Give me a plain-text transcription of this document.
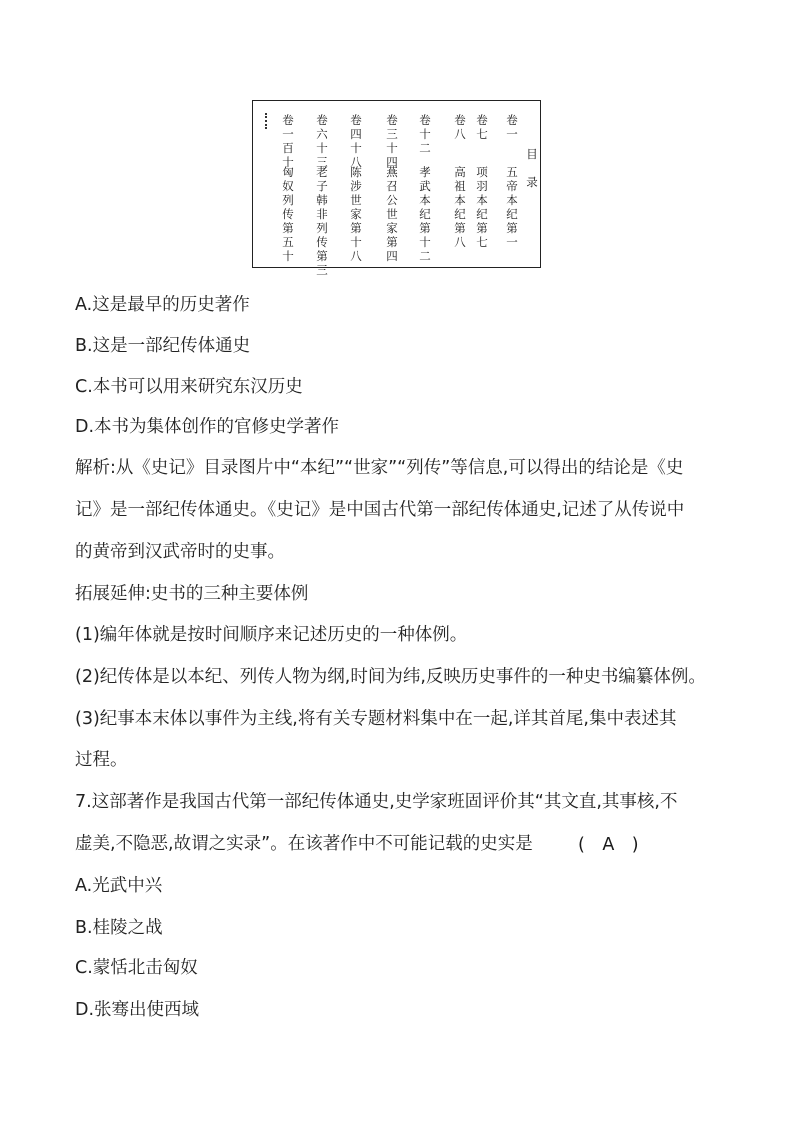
目

录
卷
一
五
帝
本
纪
第
一
卷
七
项
羽
本
纪
第
七
卷
八
高
祖
本
纪
第
八
卷
十
二
孝
武
本
纪
第
十
二
卷
三
十
四
燕
召
公
世
家
第
四
卷
四
十
八
陈
涉
世
家
第
十
八
卷
六
十
三
老
子
韩
非
列
传
第
三
卷
一
百
十
匈
奴
列
传
第
五
十
A.这是最早的历史著作
B.这是一部纪传体通史
C.本书可以用来研究东汉历史
D.本书为集体创作的官修史学著作
解析:从《史记》目录图片中“本纪”“世家”“列传”等信息,可以得出的结论是《史
记》是一部纪传体通史。《史记》是中国古代第一部纪传体通史,记述了从传说中
的黄帝到汉武帝时的史事。
拓展延伸:史书的三种主要体例
(1)编年体就是按时间顺序来记述历史的一种体例。
(2)纪传体是以本纪、列传人物为纲,时间为纬,反映历史事件的一种史书编纂体例。
(3)纪事本末体以事件为主线,将有关专题材料集中在一起,详其首尾,集中表述其
过程。
7.这部著作是我国古代第一部纪传体通史,史学家班固评价其“其文直,其事核,不
虚美,不隐恶,故谓之实录”。在该著作中不可能记载的史实是
A.光武中兴
B.桂陵之战
C.蒙恬北击匈奴
D.张骞出使西域
(　A　)
